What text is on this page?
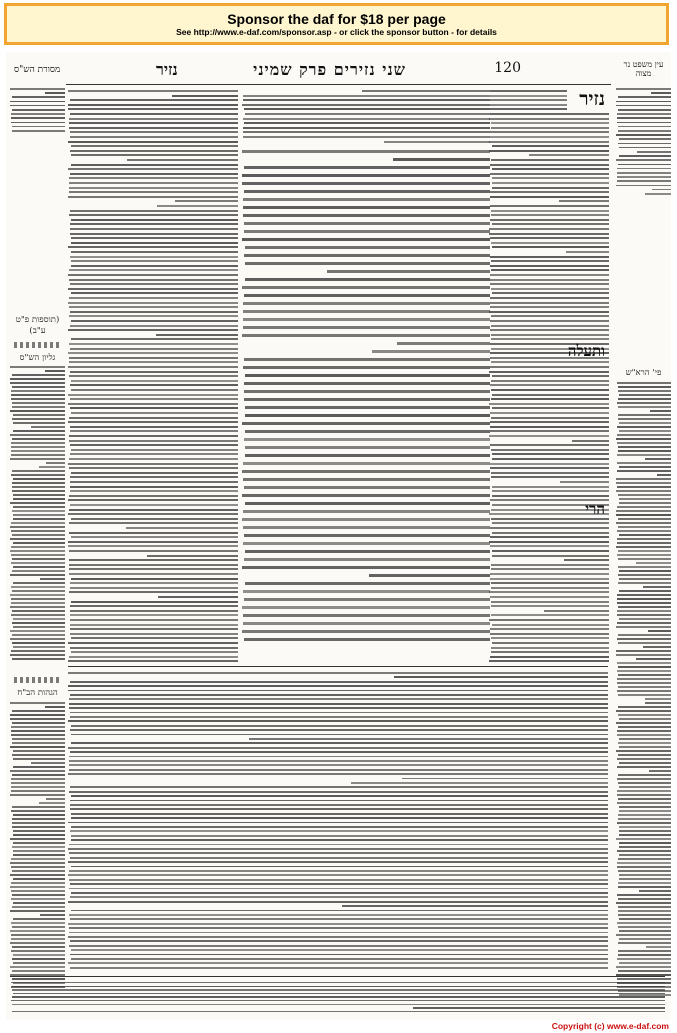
Sponsor the daf for $18 per page
See http://www.e-daf.com/sponsor.asp - or click the sponsor button - for details
עין משפט נר מצוה
120
שני נזירים פרק שמיני
נזיר
מסורת הש"ס
פי' הרא"ש
(תוספות פ"ט ע"ב)
גליון הש"ס
הגהות הב"ח
נזיר
ותעלה
הרי
Copyright (c) www.e-daf.com
